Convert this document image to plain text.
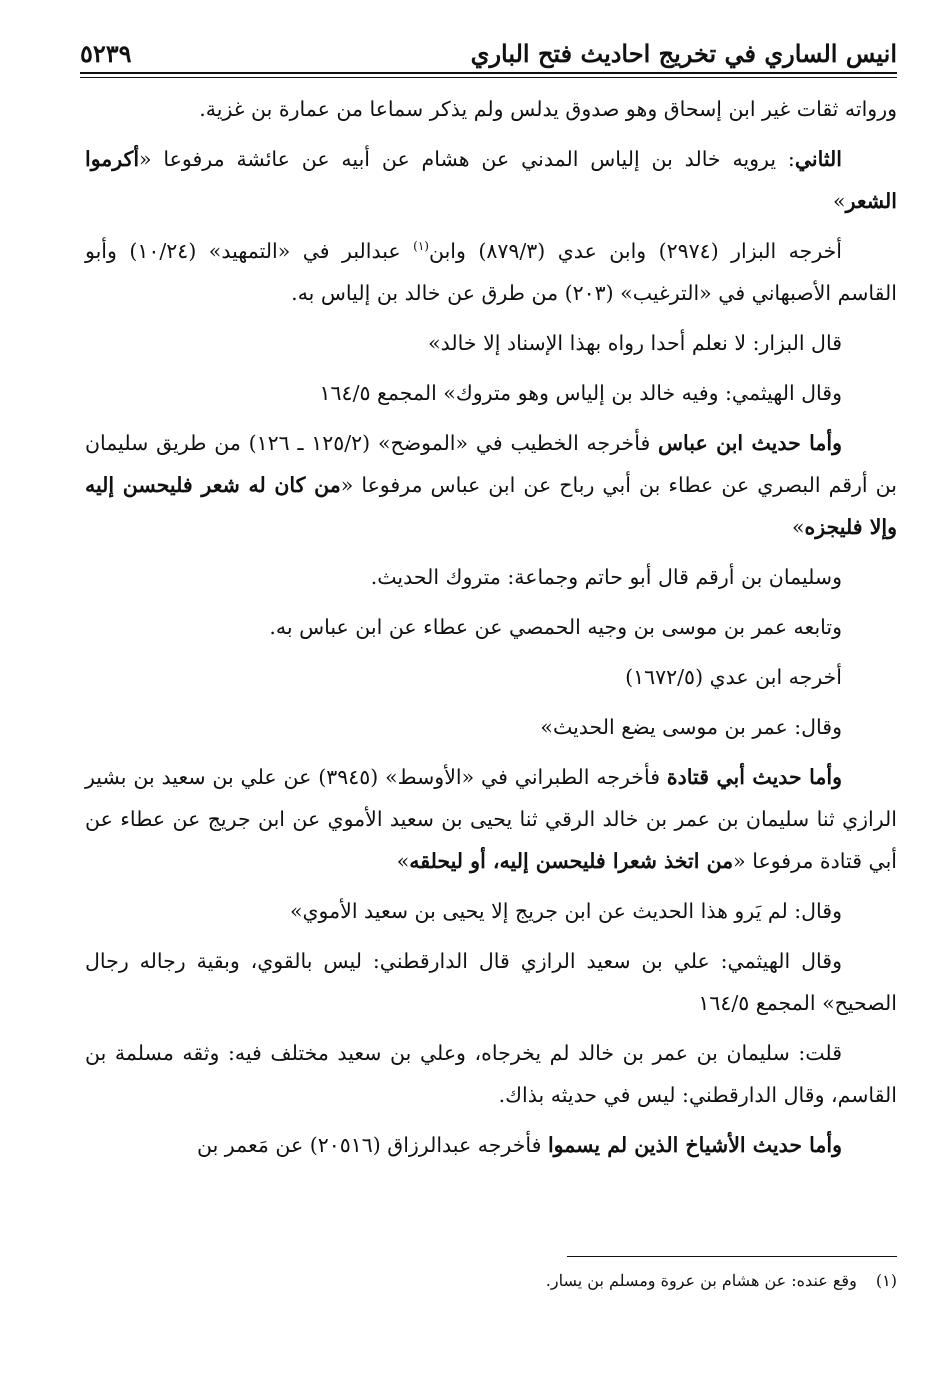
انيس الساري في تخريج احاديث فتح الباري
٥٢٣٩

ورواته ثقات غير ابن إسحاق وهو صدوق يدلس ولم يذكر سماعا من عمارة بن غزية.

الثاني: يرويه خالد بن إلياس المدني عن هشام عن أبيه عن عائشة مرفوعا «أكرموا الشعر»

أخرجه البزار (٢٩٧٤) وابن عدي (٨٧٩/٣) وابن$^{(١)}$ عبدالبر في «التمهيد» (١٠/٢٤) وأبو القاسم الأصبهاني في «الترغيب» (٢٠٣) من طرق عن خالد بن إلياس به.

قال البزار: لا نعلم أحدا رواه بهذا الإسناد إلا خالد»

وقال الهيثمي: وفيه خالد بن إلياس وهو متروك» المجمع ١٦٤/٥

وأما حديث ابن عباس فأخرجه الخطيب في «الموضح» (١٢٥/٢ ـ ١٢٦) من طريق سليمان بن أرقم البصري عن عطاء بن أبي رباح عن ابن عباس مرفوعا «من كان له شعر فليحسن إليه وإلا فليجزه»

وسليمان بن أرقم قال أبو حاتم وجماعة: متروك الحديث.

وتابعه عمر بن موسى بن وجيه الحمصي عن عطاء عن ابن عباس به.

أخرجه ابن عدي (١٦٧٢/٥)

وقال: عمر بن موسى يضع الحديث»

وأما حديث أبي قتادة فأخرجه الطبراني في «الأوسط» (٣٩٤٥) عن علي بن سعيد بن بشير الرازي ثنا سليمان بن عمر بن خالد الرقي ثنا يحيى بن سعيد الأموي عن ابن جريج عن عطاء عن أبي قتادة مرفوعا «من اتخذ شعرا فليحسن إليه، أو ليحلقه»

وقال: لم يَرو هذا الحديث عن ابن جريج إلا يحيى بن سعيد الأموي»

وقال الهيثمي: علي بن سعيد الرازي قال الدارقطني: ليس بالقوي، وبقية رجاله رجال الصحيح» المجمع ١٦٤/٥

قلت: سليمان بن عمر بن خالد لم يخرجاه، وعلي بن سعيد مختلف فيه: وثقه مسلمة بن القاسم، وقال الدارقطني: ليس في حديثه بذاك.

وأما حديث الأشياخ الذين لم يسموا فأخرجه عبدالرزاق (٢٠٥١٦) عن مَعمر بن

(١) وقع عنده: عن هشام بن عروة ومسلم بن يسار.
